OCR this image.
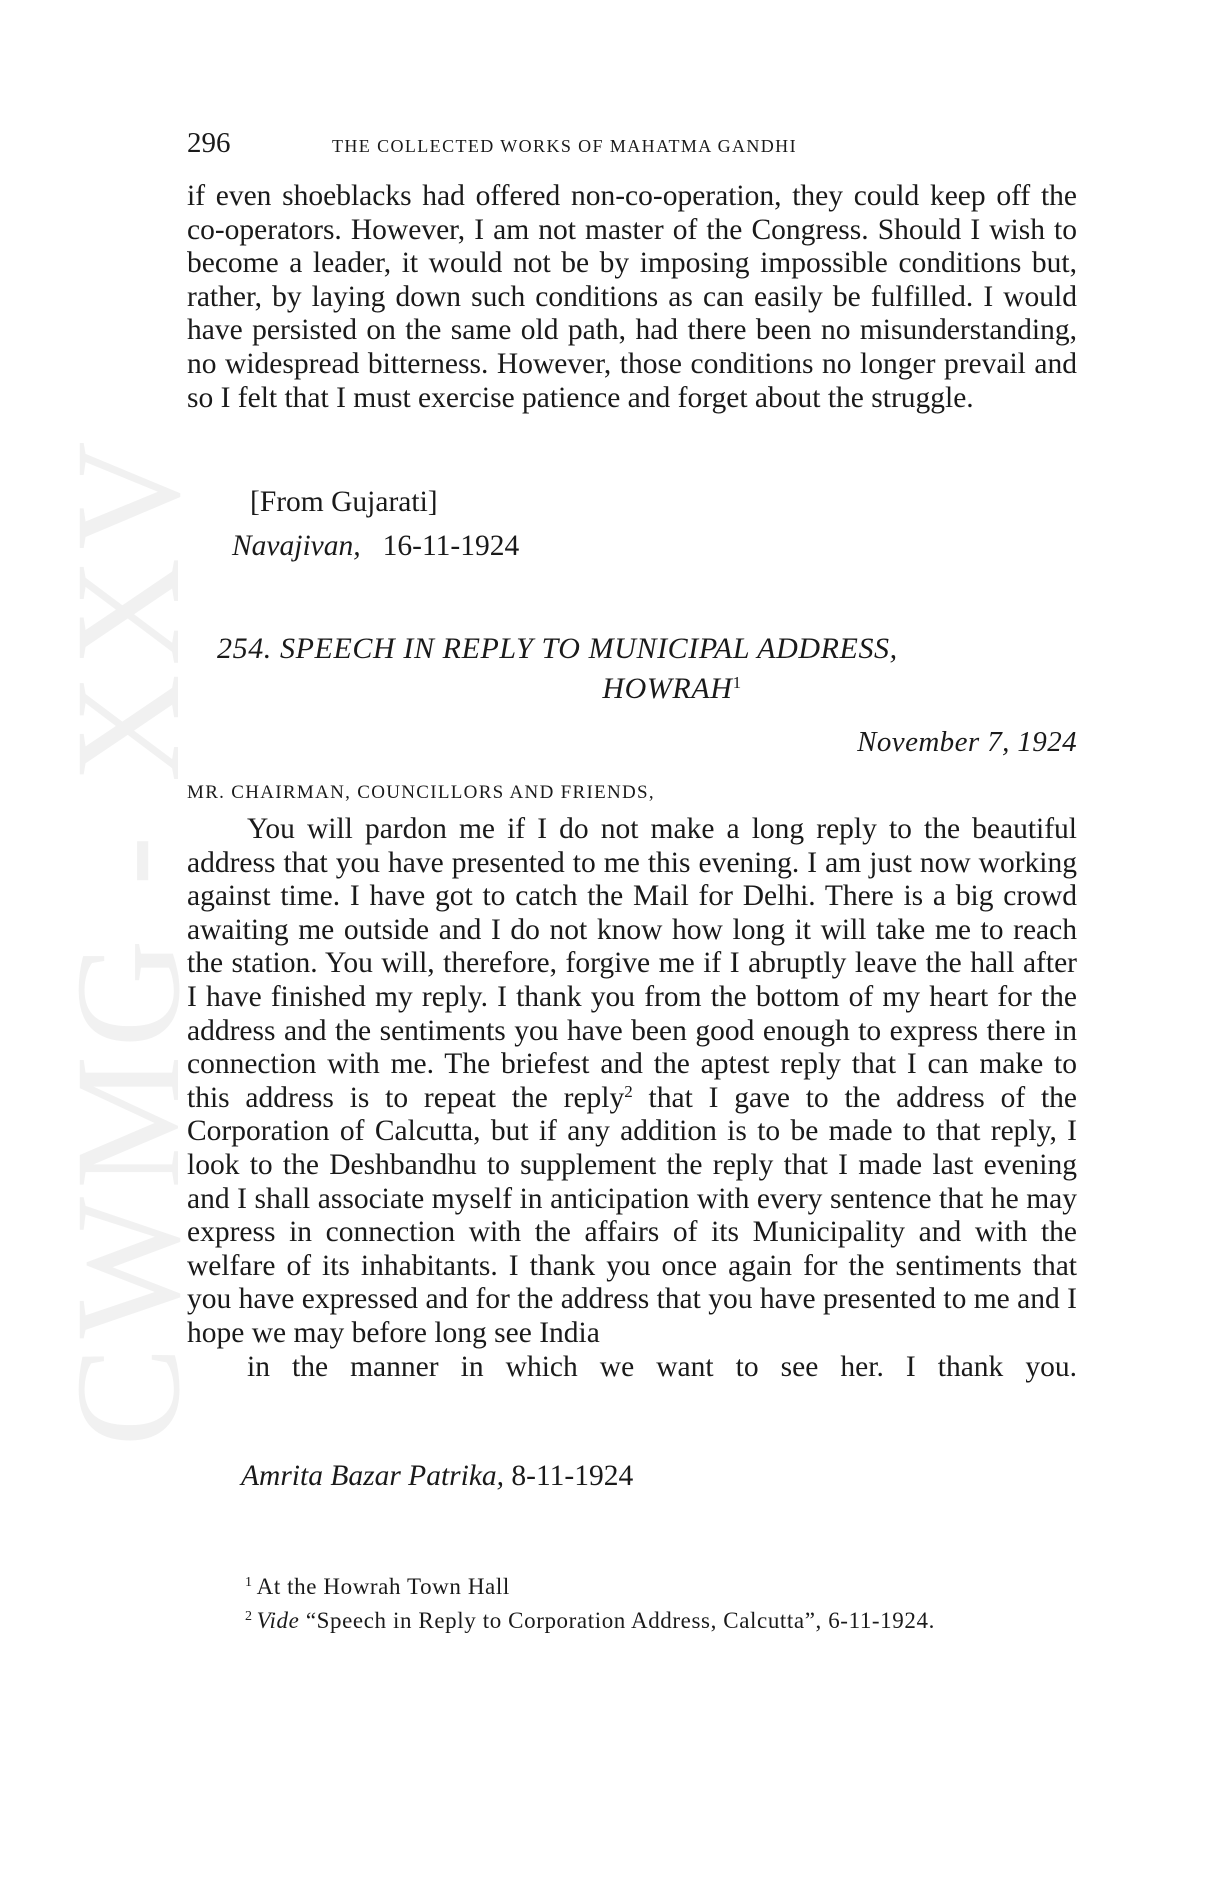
CWMG - XXV
296	THE COLLECTED WORKS OF MAHATMA GANDHI

if even shoeblacks had offered non-co-operation, they could keep off the co-operators. However, I am not master of the Congress. Should I wish to become a leader, it would not be by imposing impossible conditions but, rather, by laying down such conditions as can easily be fulfilled. I would have persisted on the same old path, had there been no misunderstanding, no widespread bitterness. However, those conditions no longer prevail and so I felt that I must exercise patience and forget about the struggle.

[From Gujarati]
Navajivan, 16-11-1924
254. SPEECH IN REPLY TO MUNICIPAL ADDRESS,
HOWRAH$^1$
November 7, 1924
MR. CHAIRMAN, COUNCILLORS AND FRIENDS,

You will pardon me if I do not make a long reply to the beautiful address that you have presented to me this evening. I am just now working against time. I have got to catch the Mail for Delhi. There is a big crowd awaiting me outside and I do not know how long it will take me to reach the station. You will, therefore, forgive me if I abruptly leave the hall after I have finished my reply. I thank you from the bottom of my heart for the address and the sentiments you have been good enough to express there in connection with me. The briefest and the aptest reply that I can make to this address is to repeat the reply$^2$ that I gave to the address of the Corporation of Calcutta, but if any addition is to be made to that reply, I look to the Deshbandhu to supplement the reply that I made last evening and I shall associate myself in anticipation with every sentence that he may express in connection with the affairs of its Municipality and with the welfare of its inhabitants. I thank you once again for the sentiments that you have expressed and for the address that you have presented to me and I hope we may before long see India
in the manner in which we want to see her. I thank you.

Amrita Bazar Patrika, 8-11-1924
$^1$ At the Howrah Town Hall
$^2$ Vide “Speech in Reply to Corporation Address, Calcutta”, 6-11-1924.
